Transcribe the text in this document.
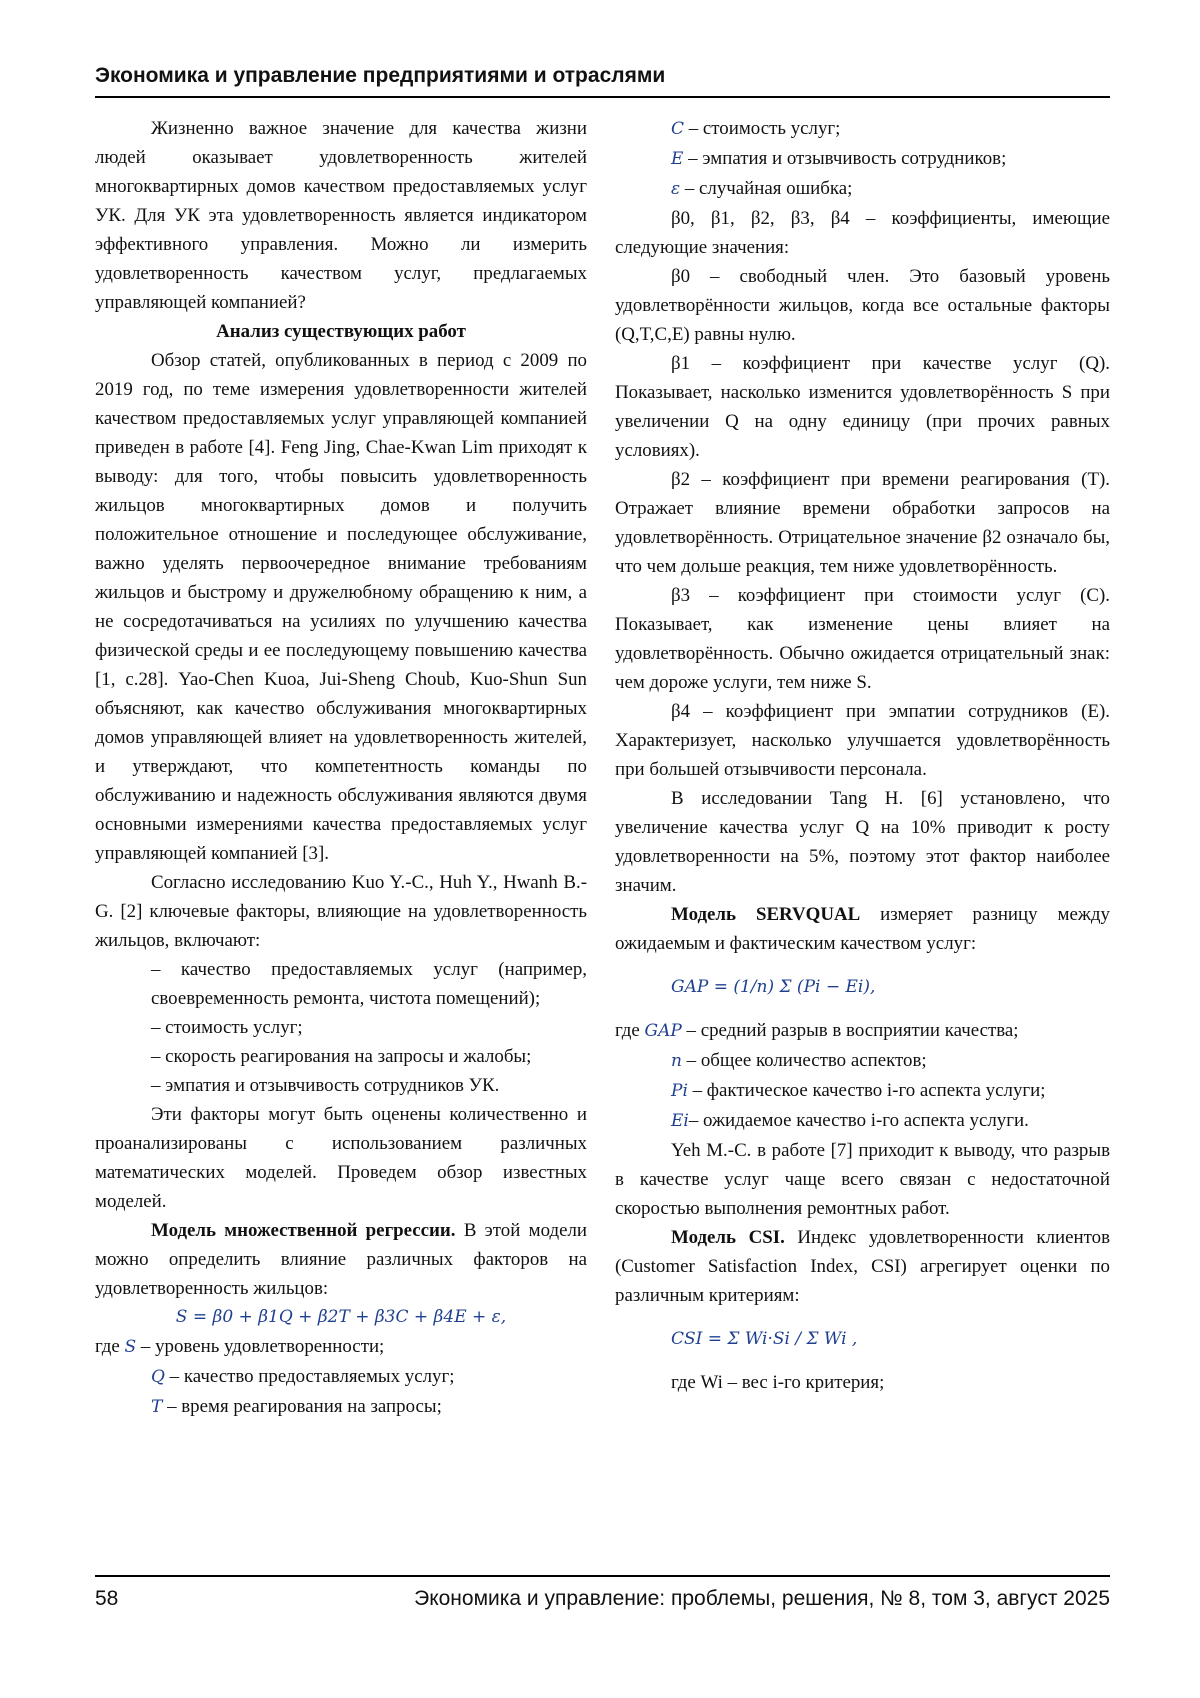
Экономика и управление предприятиями и отраслями

Жизненно важное значение для качества жизни людей оказывает удовлетворенность жителей многоквартирных домов качеством предоставляемых услуг УК. Для УК эта удовлетворенность является индикатором эффективного управления. Можно ли измерить удовлетворенность качеством услуг, предлагаемых управляющей компанией?

Анализ существующих работ

Обзор статей, опубликованных в период с 2009 по 2019 год, по теме измерения удовлетворенности жителей качеством предоставляемых услуг управляющей компанией приведен в работе [4]. Feng Jing, Chae-Kwan Lim приходят к выводу: для того, чтобы повысить удовлетворенность жильцов многоквартирных домов и получить положительное отношение и последующее обслуживание, важно уделять первоочередное внимание требованиям жильцов и быстрому и дружелюбному обращению к ним, а не сосредотачиваться на усилиях по улучшению качества физической среды и ее последующему повышению качества [1, с.28]. Yao-Chen Kuoa, Jui-Sheng Choub, Kuo-Shun Sun объясняют, как качество обслуживания многоквартирных домов управляющей влияет на удовлетворенность жителей, и утверждают, что компетентность команды по обслуживанию и надежность обслуживания являются двумя основными измерениями качества предоставляемых услуг управляющей компанией [3].

Согласно исследованию Kuo Y.-C., Huh Y., Hwanh B.-G. [2] ключевые факторы, влияющие на удовлетворенность жильцов, включают:

– качество предоставляемых услуг (например, своевременность ремонта, чистота помещений);

– стоимость услуг;

– скорость реагирования на запросы и жалобы;

– эмпатия и отзывчивость сотрудников УК.

Эти факторы могут быть оценены количественно и проанализированы с использованием различных математических моделей. Проведем обзор известных моделей.

Модель множественной регрессии. В этой модели можно определить влияние различных факторов на удовлетворенность жильцов:

S = β0 + β1Q + β2T + β3C + β4E + ε,

где S – уровень удовлетворенности;

Q – качество предоставляемых услуг;

T – время реагирования на запросы;

C – стоимость услуг;

E – эмпатия и отзывчивость сотрудников;

ε – случайная ошибка;

β0, β1, β2, β3, β4 – коэффициенты, имеющие следующие значения:

β0 – свободный член. Это базовый уровень удовлетворённости жильцов, когда все остальные факторы (Q,T,C,E) равны нулю.

β1 – коэффициент при качестве услуг (Q). Показывает, насколько изменится удовлетворённость S при увеличении Q на одну единицу (при прочих равных условиях).

β2 – коэффициент при времени реагирования (T). Отражает влияние времени обработки запросов на удовлетворённость. Отрицательное значение β2 означало бы, что чем дольше реакция, тем ниже удовлетворённость.

β3 – коэффициент при стоимости услуг (C). Показывает, как изменение цены влияет на удовлетворённость. Обычно ожидается отрицательный знак: чем дороже услуги, тем ниже S.

β4 – коэффициент при эмпатии сотрудников (E). Характеризует, насколько улучшается удовлетворённость при большей отзывчивости персонала.

В исследовании Tang H. [6] установлено, что увеличение качества услуг Q на 10% приводит к росту удовлетворенности на 5%, поэтому этот фактор наиболее значим.

Модель SERVQUAL измеряет разницу между ожидаемым и фактическим качеством услуг:

GAP = (1/n) Σ (Pi − Ei),

где GAP – средний разрыв в восприятии качества;

n – общее количество аспектов;

Pi – фактическое качество i-го аспекта услуги;

Ei– ожидаемое качество i-го аспекта услуги.

Yeh M.-C. в работе [7] приходит к выводу, что разрыв в качестве услуг чаще всего связан с недостаточной скоростью выполнения ремонтных работ.

Модель CSI. Индекс удовлетворенности клиентов (Customer Satisfaction Index, CSI) агрегирует оценки по различным критериям:

CSI = Σ Wi·Si / Σ Wi ,

где Wi – вес i-го критерия;

58	Экономика и управление: проблемы, решения, № 8, том 3, август 2025
